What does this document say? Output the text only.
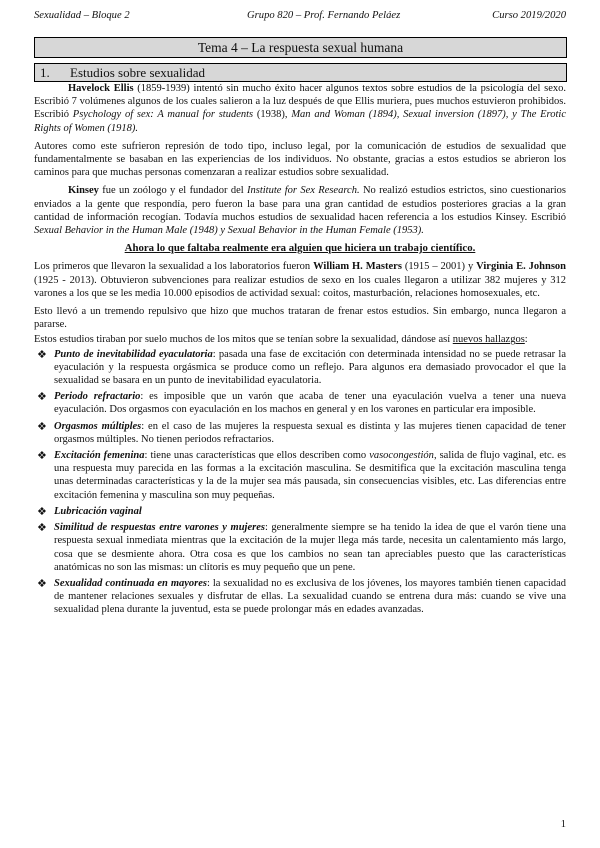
Sexualidad – Bloque 2	Grupo 820 – Prof. Fernando Peláez	Curso 2019/2020
Tema 4 – La respuesta sexual humana
1. Estudios sobre sexualidad

Havelock Ellis (1859-1939) intentó sin mucho éxito hacer algunos textos sobre estudios de la psicología del sexo. Escribió 7 volúmenes algunos de los cuales salieron a la luz después de que Ellis muriera, pues muchos estuvieron prohibidos. Escribió Psychology of sex: A manual for students (1938), Man and Woman (1894), Sexual inversion (1897), y The Erotic Rights of Women (1918).

Autores como este sufrieron represión de todo tipo, incluso legal, por la comunicación de estudios de sexualidad que fundamentalmente se basaban en las experiencias de los individuos. No obstante, gracias a estos estudios se abrieron los caminos para que muchas personas comenzaran a realizar estudios sobre sexualidad.

Kinsey fue un zoólogo y el fundador del Institute for Sex Research. No realizó estudios estrictos, sino cuestionarios enviados a la gente que respondía, pero fueron la base para una gran cantidad de estudios posteriores gracias a la gran cantidad de información recogían. Todavía muchos estudios de sexualidad hacen referencia a los estudios Kinsey. Escribió Sexual Behavior in the Human Male (1948) y Sexual Behavior in the Human Female (1953).

Ahora lo que faltaba realmente era alguien que hiciera un trabajo científico.

Los primeros que llevaron la sexualidad a los laboratorios fueron William H. Masters (1915 – 2001) y Virginia E. Johnson (1925 - 2013). Obtuvieron subvenciones para realizar estudios de sexo en los cuales llegaron a utilizar 382 mujeres y 312 varones a los que se les media 10.000 episodios de actividad sexual: coitos, masturbación, relaciones homosexuales, etc.

Esto llevó a un tremendo repulsivo que hizo que muchos trataran de frenar estos estudios. Sin embargo, nunca llegaron a pararse.

Estos estudios tiraban por suelo muchos de los mitos que se tenían sobre la sexualidad, dándose así nuevos hallazgos:

❖ Punto de inevitabilidad eyaculatoria: pasada una fase de excitación con determinada intensidad no se puede retrasar la eyaculación y la respuesta orgásmica se produce como un reflejo. Para algunos era demasiado provocador el que la sexualidad se basara en un punto de inevitabilidad eyaculatoria.
❖ Periodo refractario: es imposible que un varón que acaba de tener una eyaculación vuelva a tener una nueva eyaculación. Dos orgasmos con eyaculación en los machos en general y en los varones en particular era imposible.
❖ Orgasmos múltiples: en el caso de las mujeres la respuesta sexual es distinta y las mujeres tienen capacidad de tener orgasmos múltiples. No tienen periodos refractarios.
❖ Excitación femenina: tiene unas características que ellos describen como vasocongestión, salida de flujo vaginal, etc. es una respuesta muy parecida en las formas a la excitación masculina. Se desmitifica que la excitación masculina tenga unas determinadas características y la de la mujer sea más pausada, sin consecuencias visibles, etc. Las diferencias entre excitación femenina y masculina son muy pequeñas.
❖ Lubricación vaginal
❖ Similitud de respuestas entre varones y mujeres: generalmente siempre se ha tenido la idea de que el varón tiene una respuesta sexual inmediata mientras que la excitación de la mujer llega más tarde, necesita un calentamiento más largo, cosa que se desmiente ahora. Otra cosa es que los cambios no sean tan apreciables puesto que las características anatómicas no son las mismas: un clítoris es muy pequeño que un pene.
❖ Sexualidad continuada en mayores: la sexualidad no es exclusiva de los jóvenes, los mayores también tienen capacidad de mantener relaciones sexuales y disfrutar de ellas. La sexualidad cuando se entrena dura más: cuando se vive una sexualidad plena durante la juventud, esta se puede prolongar más en edades avanzadas.
1
